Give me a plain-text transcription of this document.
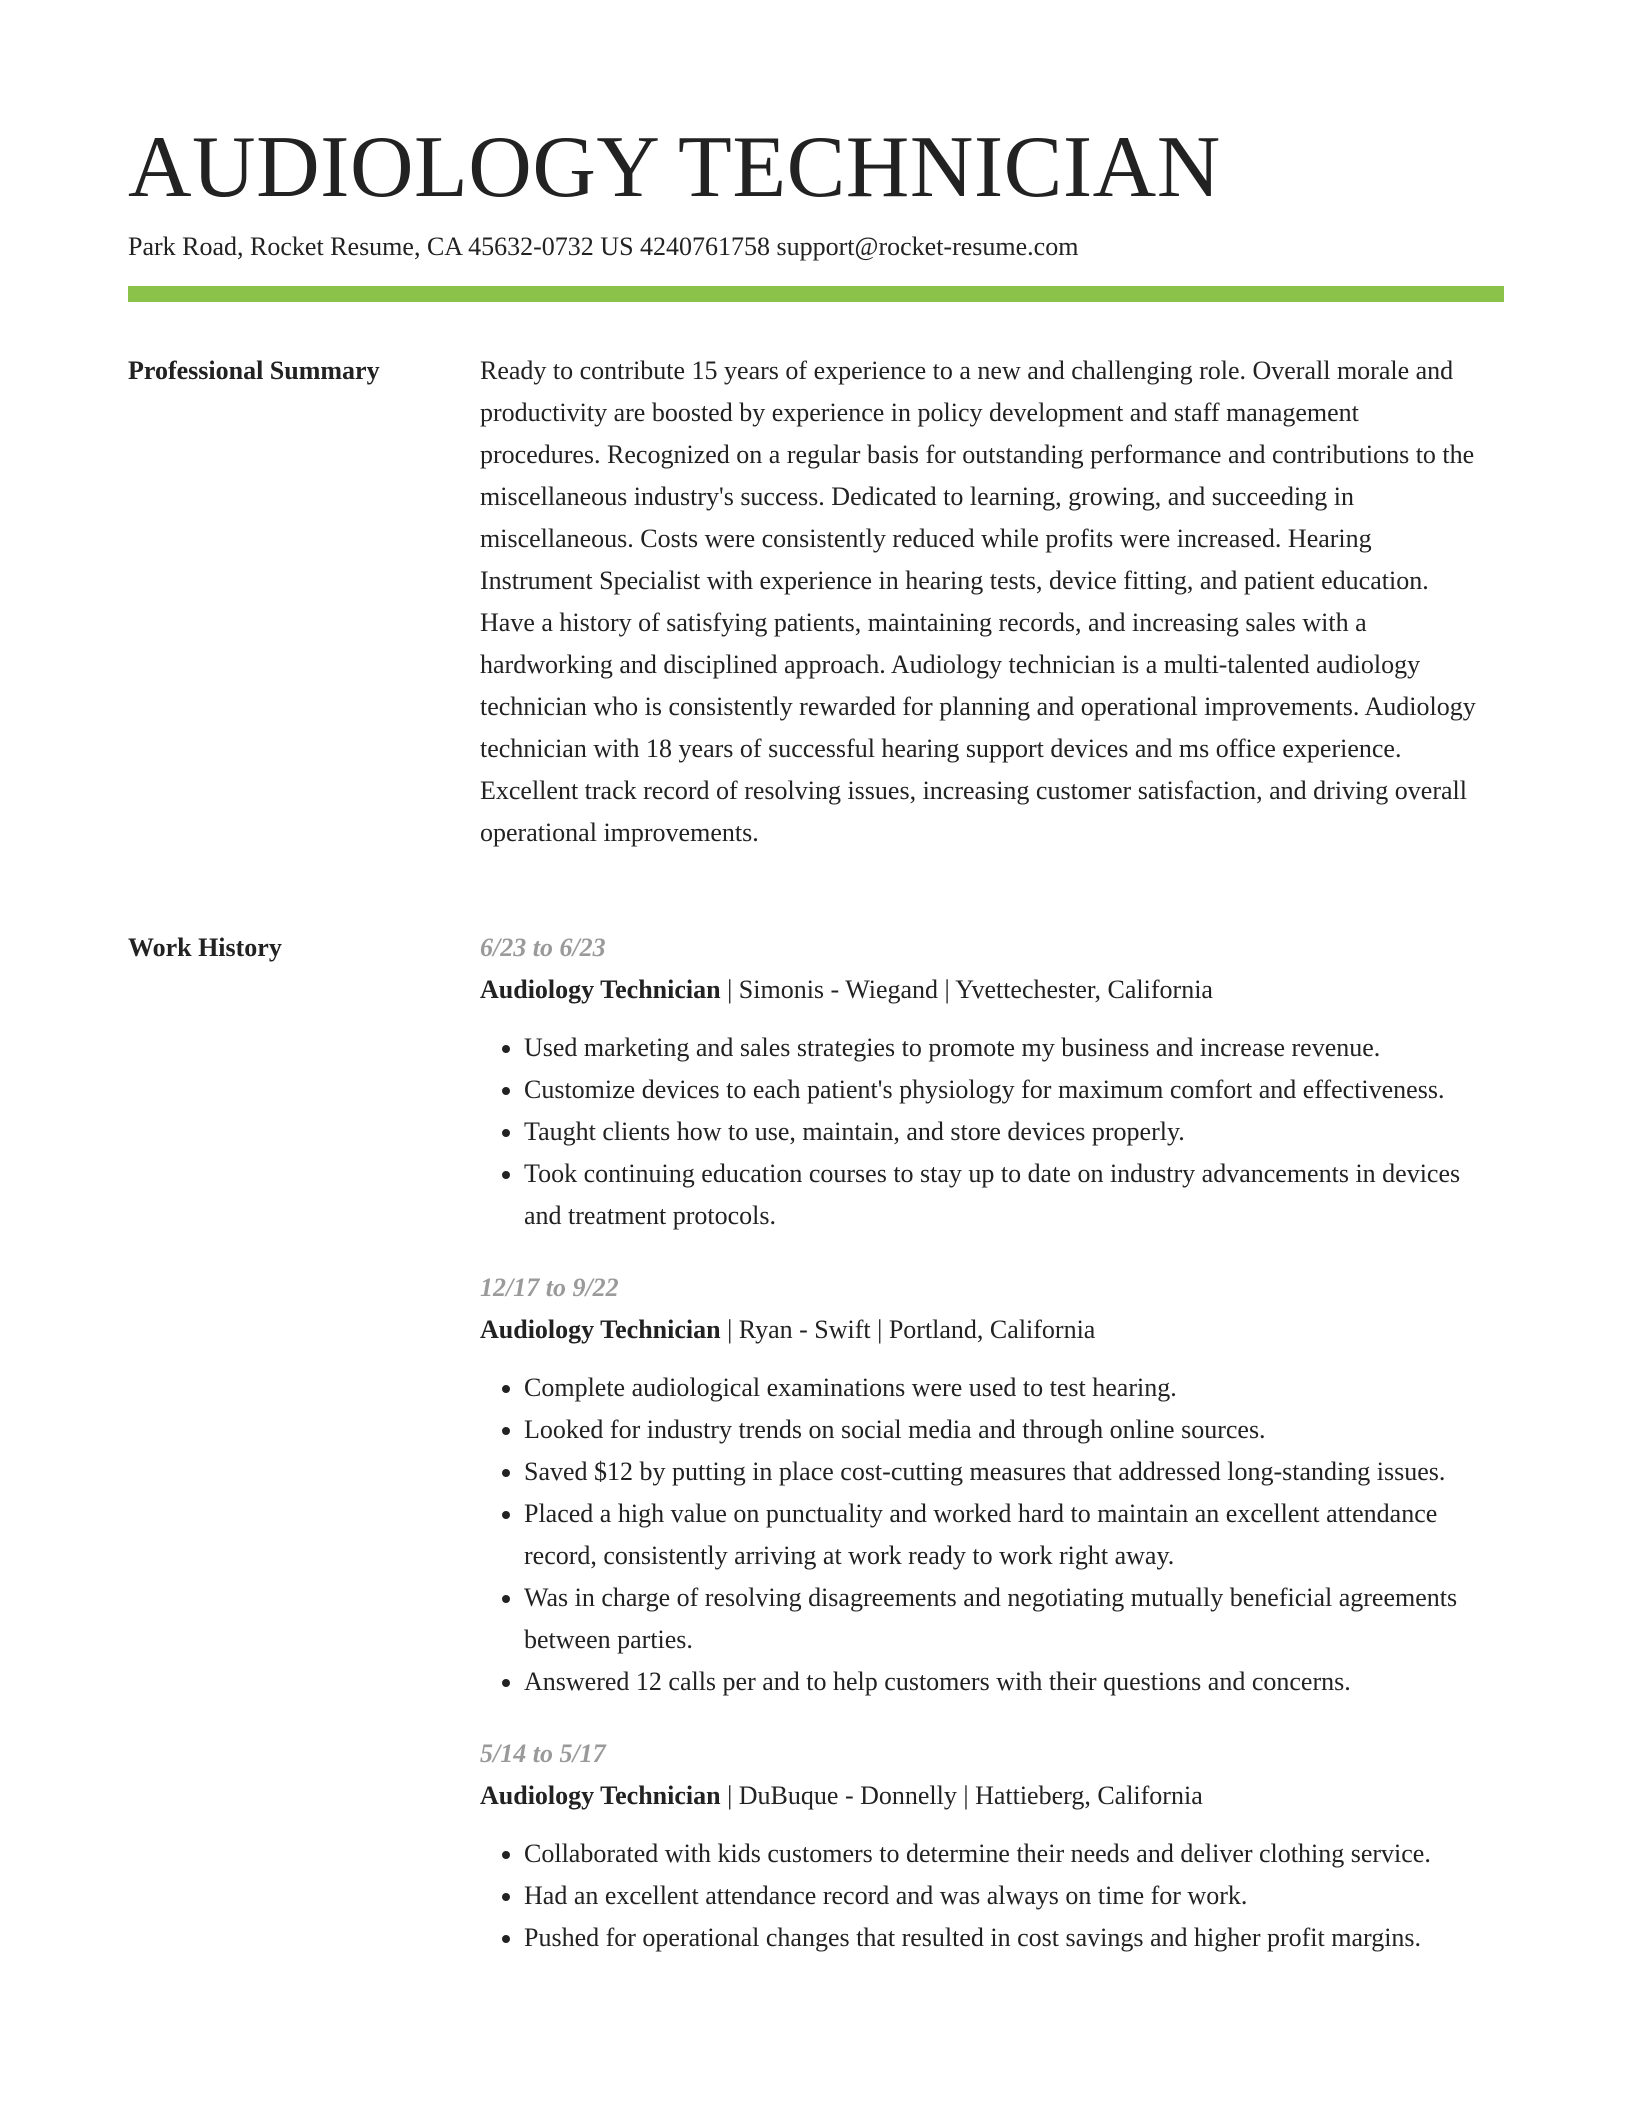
AUDIOLOGY TECHNICIAN
Park Road, Rocket Resume, CA 45632-0732 US 4240761758 support@rocket-resume.com
Professional Summary	Ready to contribute 15 years of experience to a new and challenging role. Overall morale and productivity are boosted by experience in policy development and staff management procedures. Recognized on a regular basis for outstanding performance and contributions to the miscellaneous industry's success. Dedicated to learning, growing, and succeeding in miscellaneous. Costs were consistently reduced while profits were increased. Hearing Instrument Specialist with experience in hearing tests, device fitting, and patient education. Have a history of satisfying patients, maintaining records, and increasing sales with a hardworking and disciplined approach. Audiology technician is a multi-talented audiology technician who is consistently rewarded for planning and operational improvements. Audiology technician with 18 years of successful hearing support devices and ms office experience. Excellent track record of resolving issues, increasing customer satisfaction, and driving overall operational improvements.

Work History	6/23 to 6/23
Audiology Technician | Simonis - Wiegand | Yvettechester, California
• Used marketing and sales strategies to promote my business and increase revenue.
• Customize devices to each patient's physiology for maximum comfort and effectiveness.
• Taught clients how to use, maintain, and store devices properly.
• Took continuing education courses to stay up to date on industry advancements in devices and treatment protocols.
12/17 to 9/22
Audiology Technician | Ryan - Swift | Portland, California
• Complete audiological examinations were used to test hearing.
• Looked for industry trends on social media and through online sources.
• Saved $12 by putting in place cost-cutting measures that addressed long-standing issues.
• Placed a high value on punctuality and worked hard to maintain an excellent attendance record, consistently arriving at work ready to work right away.
• Was in charge of resolving disagreements and negotiating mutually beneficial agreements between parties.
• Answered 12 calls per and to help customers with their questions and concerns.
5/14 to 5/17
Audiology Technician | DuBuque - Donnelly | Hattieberg, California
• Collaborated with kids customers to determine their needs and deliver clothing service.
• Had an excellent attendance record and was always on time for work.
• Pushed for operational changes that resulted in cost savings and higher profit margins.
